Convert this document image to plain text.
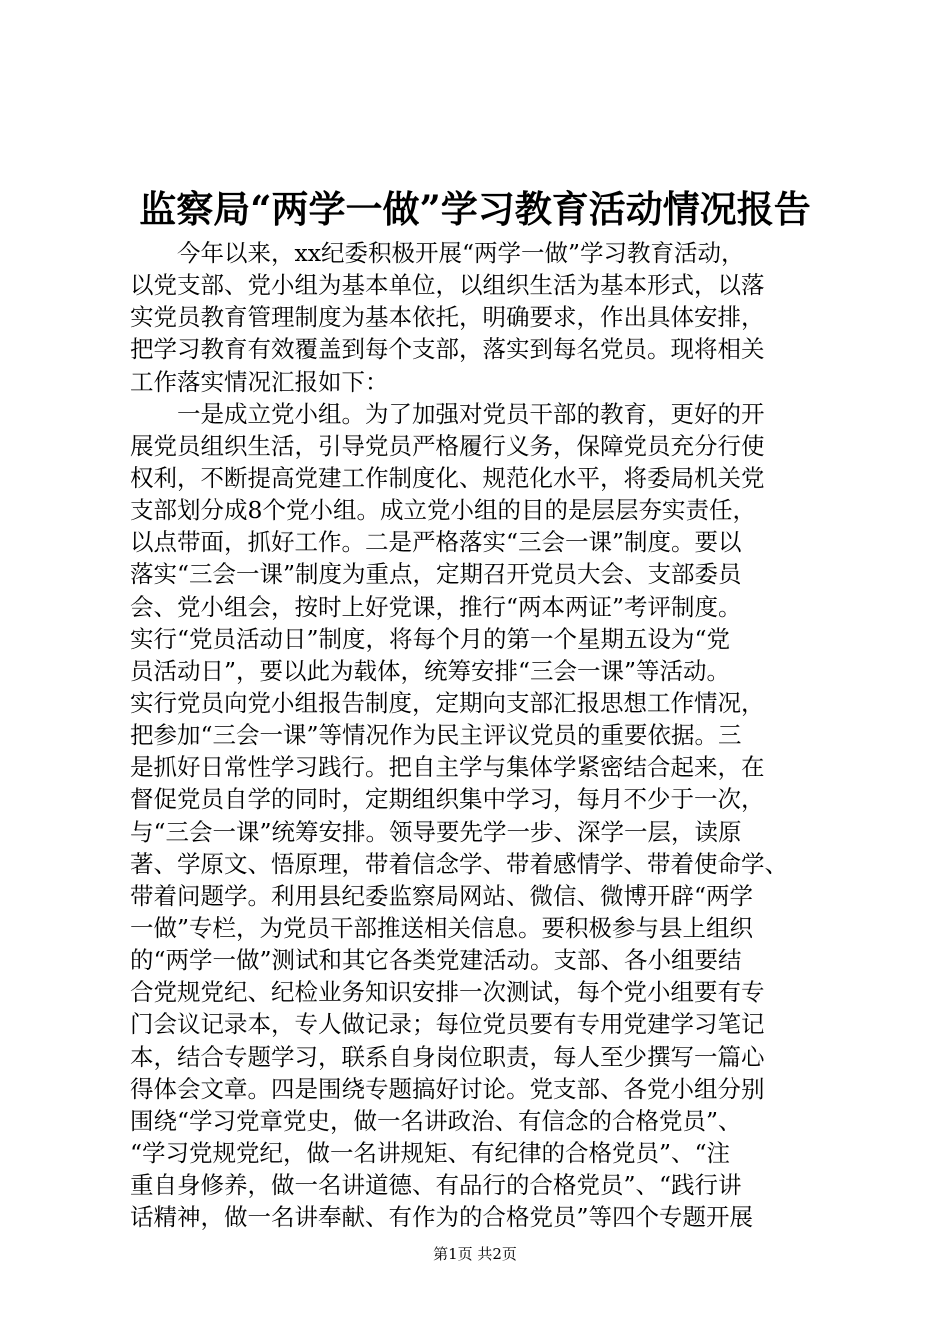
监察局“两学一做”学习教育活动情况报告
今年以来，xx纪委积极开展“两学一做”学习教育活动，
以党支部、党小组为基本单位，以组织生活为基本形式，以落
实党员教育管理制度为基本依托，明确要求，作出具体安排，
把学习教育有效覆盖到每个支部，落实到每名党员。现将相关
工作落实情况汇报如下：
一是成立党小组。为了加强对党员干部的教育，更好的开
展党员组织生活，引导党员严格履行义务，保障党员充分行使
权利，不断提高党建工作制度化、规范化水平，将委局机关党
支部划分成8个党小组。成立党小组的目的是层层夯实责任，
以点带面，抓好工作。二是严格落实“三会一课”制度。要以
落实“三会一课”制度为重点，定期召开党员大会、支部委员
会、党小组会，按时上好党课，推行“两本两证”考评制度。
实行“党员活动日”制度，将每个月的第一个星期五设为“党
员活动日”，要以此为载体，统筹安排“三会一课”等活动。
实行党员向党小组报告制度，定期向支部汇报思想工作情况，
把参加“三会一课”等情况作为民主评议党员的重要依据。三
是抓好日常性学习践行。把自主学与集体学紧密结合起来，在
督促党员自学的同时，定期组织集中学习，每月不少于一次，
与“三会一课”统筹安排。领导要先学一步、深学一层，读原
著、学原文、悟原理，带着信念学、带着感情学、带着使命学、
带着问题学。利用县纪委监察局网站、微信、微博开辟“两学
一做”专栏，为党员干部推送相关信息。要积极参与县上组织
的“两学一做”测试和其它各类党建活动。支部、各小组要结
合党规党纪、纪检业务知识安排一次测试，每个党小组要有专
门会议记录本，专人做记录；每位党员要有专用党建学习笔记
本，结合专题学习，联系自身岗位职责，每人至少撰写一篇心
得体会文章。四是围绕专题搞好讨论。党支部、各党小组分别
围绕“学习党章党史，做一名讲政治、有信念的合格党员”、
“学习党规党纪，做一名讲规矩、有纪律的合格党员”、“注
重自身修养，做一名讲道德、有品行的合格党员”、“践行讲
话精神，做一名讲奉献、有作为的合格党员”等四个专题开展
第1页 共2页
